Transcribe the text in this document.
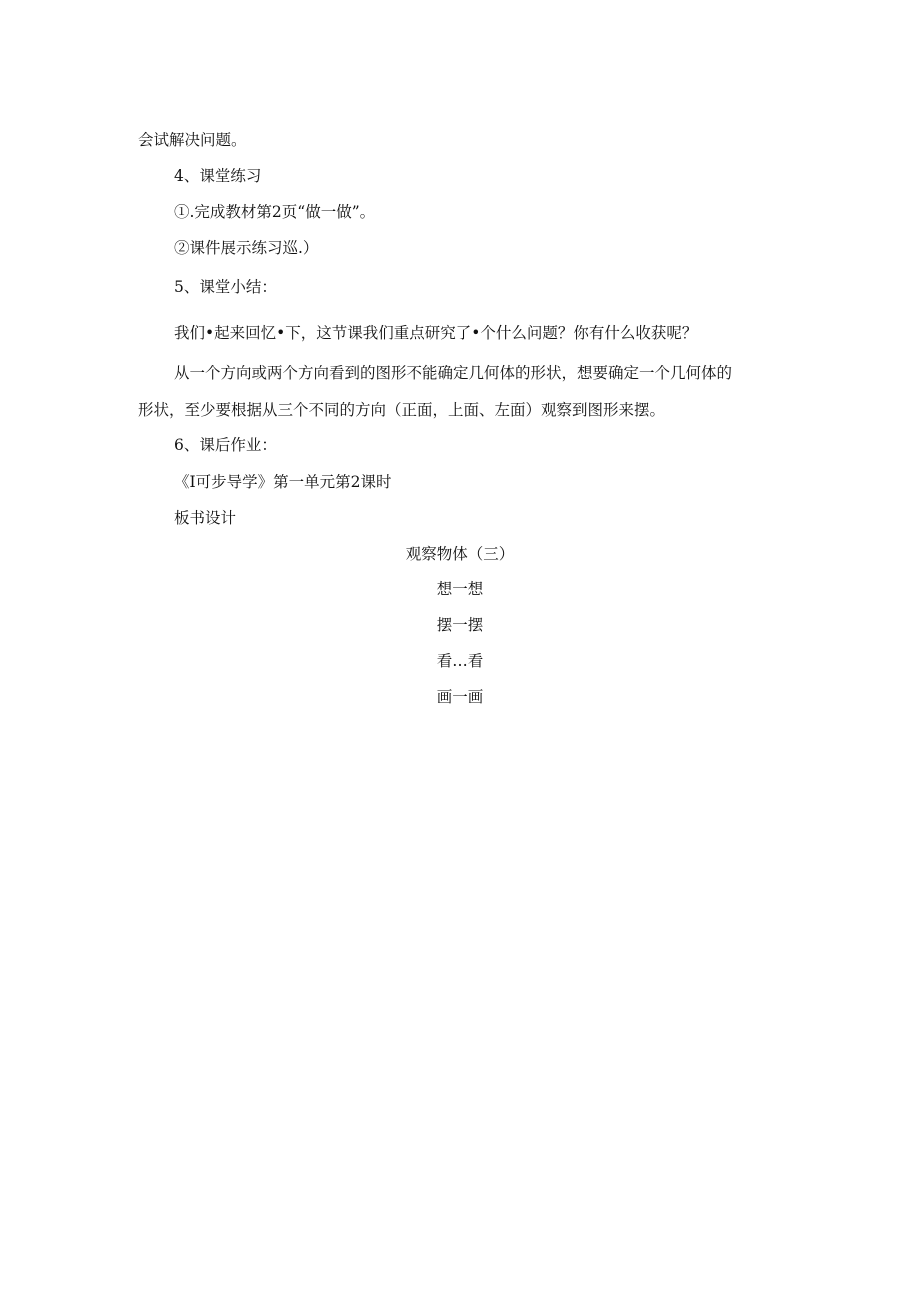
会试解决问题。
4、课堂练习
①.完成教材第2页“做一做”。
②课件展示练习巡.）
5、课堂小结：
我们•起来回忆•下，这节课我们重点研究了•个什么问题？你有什么收获呢？
从一个方向或两个方向看到的图形不能确定几何体的形状，想要确定一个几何体的
形状，至少要根据从三个不同的方向（正面，上面、左面）观察到图形来摆。
6、课后作业：
《I可步导学》第一单元第2课时
板书设计
观察物体（三）
想一想
摆一摆
看…看
画一画
